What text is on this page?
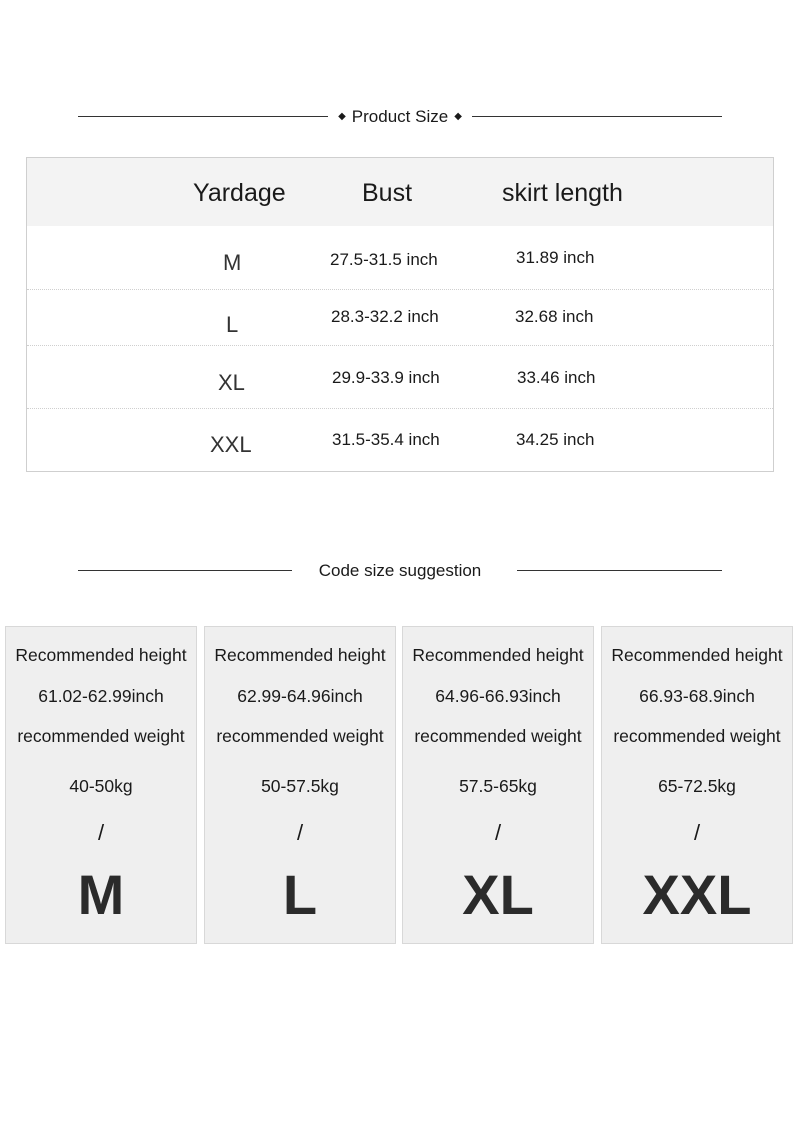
◆ Product Size ◆
Yardage	Bust	skirt length
M	27.5-31.5 inch	31.89 inch
L	28.3-32.2 inch	32.68 inch
XL	29.9-33.9 inch	33.46 inch
XXL	31.5-35.4 inch	34.25 inch
Code size suggestion
Recommended height
61.02-62.99inch
recommended weight
40-50kg
/
M
Recommended height
62.99-64.96inch
recommended weight
50-57.5kg
/
L
Recommended height
64.96-66.93inch
recommended weight
57.5-65kg
/
XL
Recommended height
66.93-68.9inch
recommended weight
65-72.5kg
/
XXL
